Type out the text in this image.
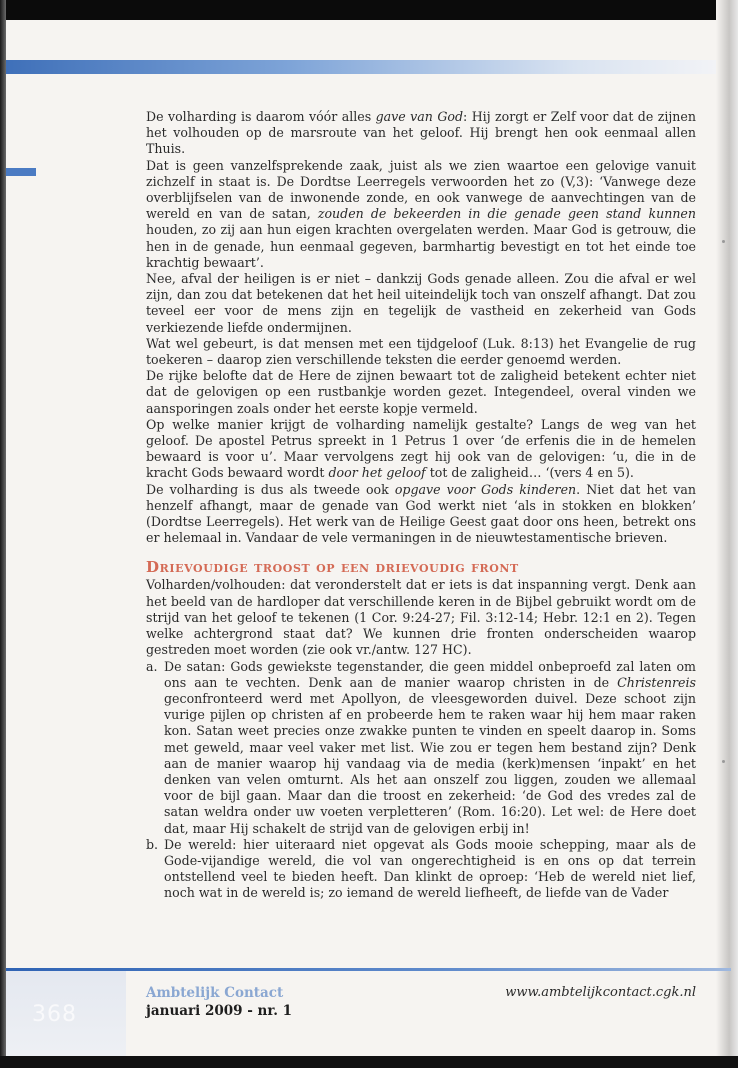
De volharding is daarom vóór alles gave van God: Hij zorgt er Zelf voor dat de zijnen het volhouden op de marsroute van het geloof. Hij brengt hen ook eenmaal allen Thuis.

Dat is geen vanzelfsprekende zaak, juist als we zien waartoe een gelovige vanuit zichzelf in staat is. De Dordtse Leerregels verwoorden het zo (V,3): ‘Vanwege deze overblijfselen van de inwonende zonde, en ook vanwege de aanvechtingen van de wereld en van de satan, zouden de bekeerden in die genade geen stand kunnen houden, zo zij aan hun eigen krachten overgelaten werden. Maar God is getrouw, die hen in de genade, hun eenmaal gegeven, barmhartig bevestigt en tot het einde toe krachtig bewaart’.

Nee, afval der heiligen is er niet – dankzij Gods genade alleen. Zou die afval er wel zijn, dan zou dat betekenen dat het heil uiteindelijk toch van onszelf afhangt. Dat zou teveel eer voor de mens zijn en tegelijk de vastheid en zekerheid van Gods verkiezende liefde ondermijnen.

Wat wel gebeurt, is dat mensen met een tijdgeloof (Luk. 8:13) het Evangelie de rug toekeren – daarop zien verschillende teksten die eerder genoemd werden.

De rijke belofte dat de Here de zijnen bewaart tot de zaligheid betekent echter niet dat de gelovigen op een rustbankje worden gezet. Integendeel, overal vinden we aansporingen zoals onder het eerste kopje vermeld.

Op welke manier krijgt de volharding namelijk gestalte? Langs de weg van het geloof. De apostel Petrus spreekt in 1 Petrus 1 over ‘de erfenis die in de hemelen bewaard is voor u’. Maar vervolgens zegt hij ook van de gelovigen: ‘u, die in de kracht Gods bewaard wordt door het geloof tot de zaligheid… ‘(vers 4 en 5).

De volharding is dus als tweede ook opgave voor Gods kinderen. Niet dat het van henzelf afhangt, maar de genade van God werkt niet ‘als in stokken en blokken’ (Dordtse Leerregels). Het werk van de Heilige Geest gaat door ons heen, betrekt ons er helemaal in. Vandaar de vele vermaningen in de nieuwtestamentische brieven.

Drievoudige troost op een drievoudig front

Volharden/volhouden: dat veronderstelt dat er iets is dat inspanning vergt. Denk aan het beeld van de hardloper dat verschillende keren in de Bijbel gebruikt wordt om de strijd van het geloof te tekenen (1 Cor. 9:24-27; Fil. 3:12-14; Hebr. 12:1 en 2). Tegen welke achtergrond staat dat? We kunnen drie fronten onderscheiden waarop gestreden moet worden (zie ook vr./antw. 127 HC).

a. De satan: Gods gewiekste tegenstander, die geen middel onbeproefd zal laten om ons aan te vechten. Denk aan de manier waarop christen in de Christenreis geconfronteerd werd met Apollyon, de vleesgeworden duivel. Deze schoot zijn vurige pijlen op christen af en probeerde hem te raken waar hij hem maar raken kon. Satan weet precies onze zwakke punten te vinden en speelt daarop in. Soms met geweld, maar veel vaker met list. Wie zou er tegen hem bestand zijn? Denk aan de manier waarop hij vandaag via de media (kerk)mensen ‘inpakt’ en het denken van velen omturnt. Als het aan onszelf zou liggen, zouden we allemaal voor de bijl gaan. Maar dan die troost en zekerheid: ‘de God des vredes zal de satan weldra onder uw voeten verpletteren’ (Rom. 16:20). Let wel: de Here doet dat, maar Hij schakelt de strijd van de gelovigen erbij in!

b. De wereld: hier uiteraard niet opgevat als Gods mooie schepping, maar als de Gode-vijandige wereld, die vol van ongerechtigheid is en ons op dat terrein ontstellend veel te bieden heeft. Dan klinkt de oproep: ‘Heb de wereld niet lief, noch wat in de wereld is; zo iemand de wereld liefheeft, de liefde van de Vader

368
Ambtelijk Contact
januari 2009 - nr. 1
www.ambtelijkcontact.cgk.nl
